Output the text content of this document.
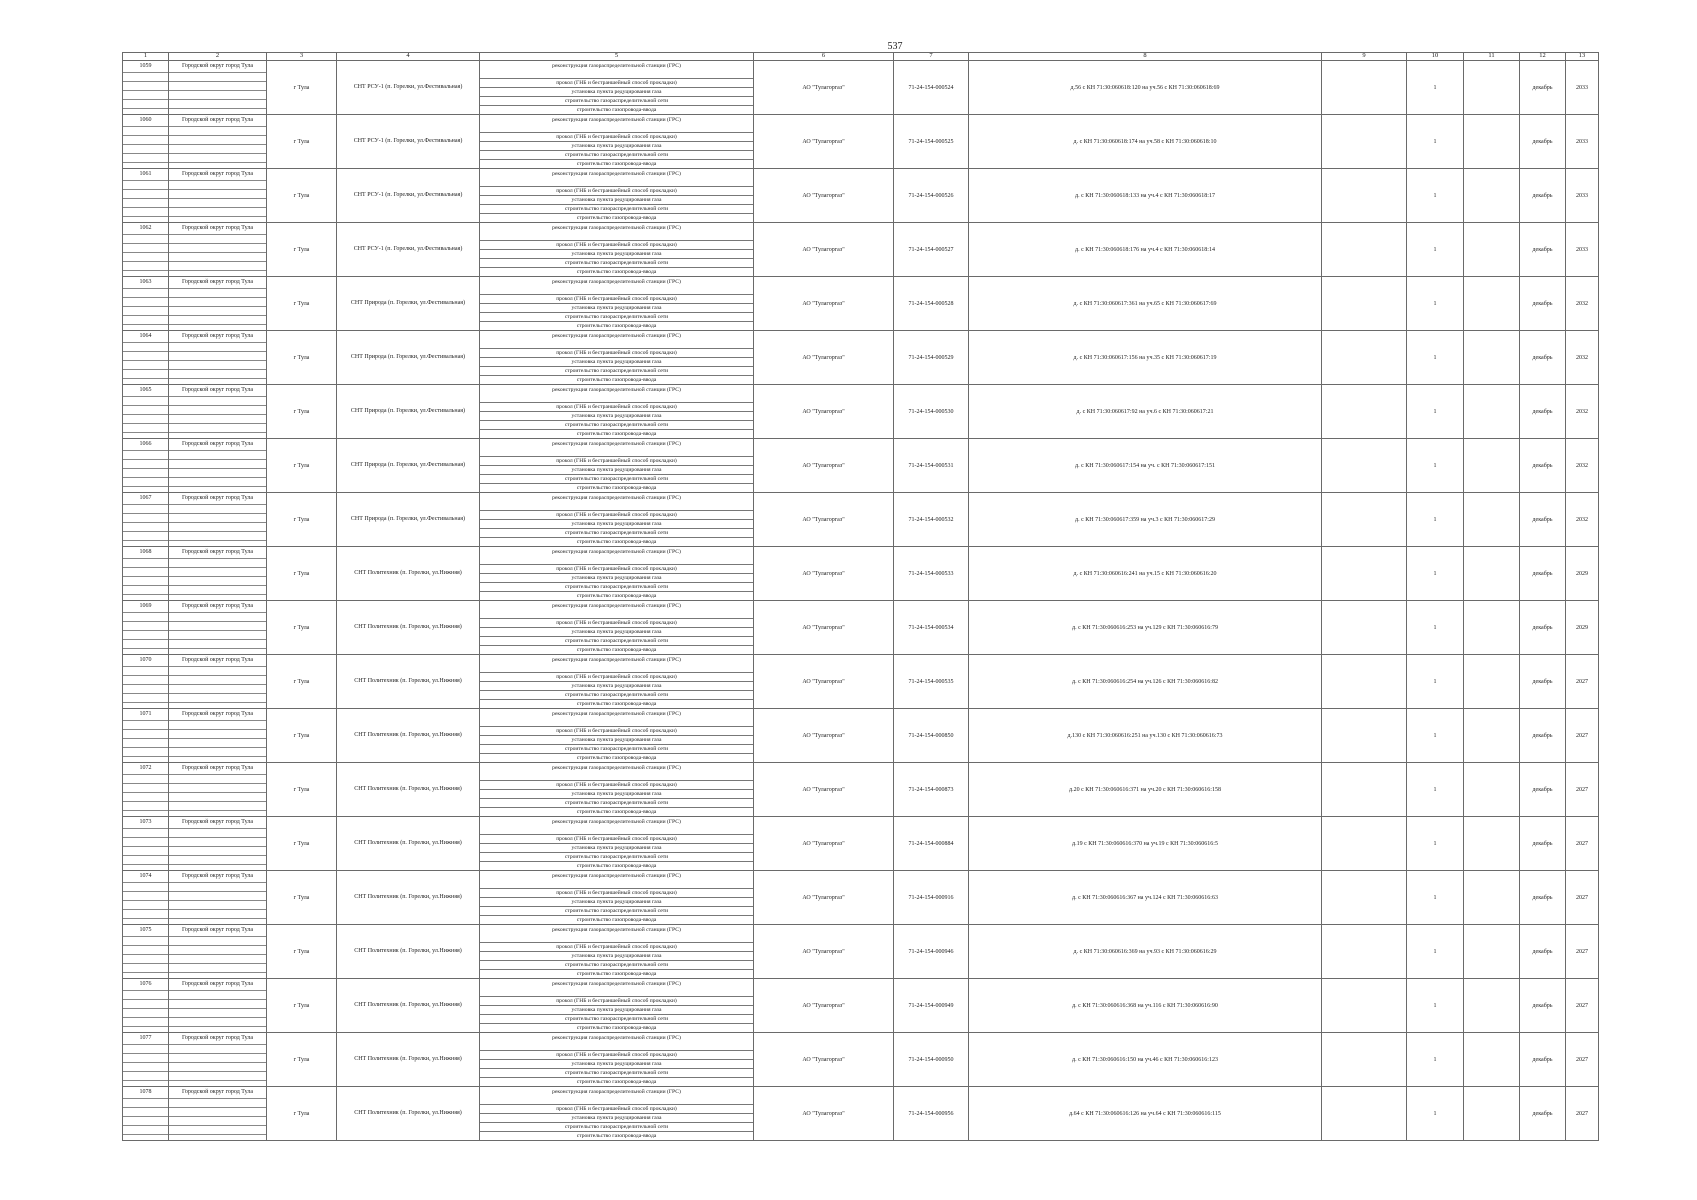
537
1	2	3	4	5	6	7	8	9	10	11	12	13

1059	Городской округ город Тула	г Тула	СНТ РСУ-1 (п. Горелки, ул.Фестивальная)	реконструкция газораспределительной станции (ГРС)
прокол (ГНБ и бестраншейный способ прокладки)
установка пункта редуцирования газа
строительство газораспределительной сети
строительство газопровода-ввода	АО "Тулагоргаз"	71-24-154-000524	д.56 с КН 71:30:060618:120 на уч.56 с КН 71:30:060618:69		1		декабрь	2033

1060	Городской округ город Тула	г Тула	СНТ РСУ-1 (п. Горелки, ул.Фестивальная)	реконструкция газораспределительной станции (ГРС)
прокол (ГНБ и бестраншейный способ прокладки)
установка пункта редуцирования газа
строительство газораспределительной сети
строительство газопровода-ввода	АО "Тулагоргаз"	71-24-154-000525	д. с КН 71:30:060618:174 на уч.58 с КН 71:30:060618:10		1		декабрь	2033

1061	Городской округ город Тула	г Тула	СНТ РСУ-1 (п. Горелки, ул.Фестивальная)	реконструкция газораспределительной станции (ГРС)
прокол (ГНБ и бестраншейный способ прокладки)
установка пункта редуцирования газа
строительство газораспределительной сети
строительство газопровода-ввода	АО "Тулагоргаз"	71-24-154-000526	д. с КН 71:30:060618:133 на уч.4 с КН 71:30:060618:17		1		декабрь	2033

1062	Городской округ город Тула	г Тула	СНТ РСУ-1 (п. Горелки, ул.Фестивальная)	реконструкция газораспределительной станции (ГРС)
прокол (ГНБ и бестраншейный способ прокладки)
установка пункта редуцирования газа
строительство газораспределительной сети
строительство газопровода-ввода	АО "Тулагоргаз"	71-24-154-000527	д. с КН 71:30:060618:176 на уч.4 с КН 71:30:060618:14		1		декабрь	2033

1063	Городской округ город Тула	г Тула	СНТ Природа (п. Горелки, ул.Фестивальная)	реконструкция газораспределительной станции (ГРС)
прокол (ГНБ и бестраншейный способ прокладки)
установка пункта редуцирования газа
строительство газораспределительной сети
строительство газопровода-ввода	АО "Тулагоргаз"	71-24-154-000528	д. с КН 71:30:060617:361 на уч.65 с КН 71:30:060617:69		1		декабрь	2032

1064	Городской округ город Тула	г Тула	СНТ Природа (п. Горелки, ул.Фестивальная)	реконструкция газораспределительной станции (ГРС)
прокол (ГНБ и бестраншейный способ прокладки)
установка пункта редуцирования газа
строительство газораспределительной сети
строительство газопровода-ввода	АО "Тулагоргаз"	71-24-154-000529	д. с КН 71:30:060617:156 на уч.35 с КН 71:30:060617:19		1		декабрь	2032

1065	Городской округ город Тула	г Тула	СНТ Природа (п. Горелки, ул.Фестивальная)	реконструкция газораспределительной станции (ГРС)
прокол (ГНБ и бестраншейный способ прокладки)
установка пункта редуцирования газа
строительство газораспределительной сети
строительство газопровода-ввода	АО "Тулагоргаз"	71-24-154-000530	д. с КН 71:30:060617:92 на уч.6 с КН 71:30:060617:21		1		декабрь	2032

1066	Городской округ город Тула	г Тула	СНТ Природа (п. Горелки, ул.Фестивальная)	реконструкция газораспределительной станции (ГРС)
прокол (ГНБ и бестраншейный способ прокладки)
установка пункта редуцирования газа
строительство газораспределительной сети
строительство газопровода-ввода	АО "Тулагоргаз"	71-24-154-000531	д. с КН 71:30:060617:154 на уч. с КН 71:30:060617:151		1		декабрь	2032

1067	Городской округ город Тула	г Тула	СНТ Природа (п. Горелки, ул.Фестивальная)	реконструкция газораспределительной станции (ГРС)
прокол (ГНБ и бестраншейный способ прокладки)
установка пункта редуцирования газа
строительство газораспределительной сети
строительство газопровода-ввода	АО "Тулагоргаз"	71-24-154-000532	д. с КН 71:30:060617:359 на уч.3 с КН 71:30:060617:29		1		декабрь	2032

1068	Городской округ город Тула	г Тула	СНТ Политехник (п. Горелки, ул.Нижняя)	реконструкция газораспределительной станции (ГРС)
прокол (ГНБ и бестраншейный способ прокладки)
установка пункта редуцирования газа
строительство газораспределительной сети
строительство газопровода-ввода	АО "Тулагоргаз"	71-24-154-000533	д. с КН 71:30:060616:241 на уч.15 с КН 71:30:060616:20		1		декабрь	2029

1069	Городской округ город Тула	г Тула	СНТ Политехник (п. Горелки, ул.Нижняя)	реконструкция газораспределительной станции (ГРС)
прокол (ГНБ и бестраншейный способ прокладки)
установка пункта редуцирования газа
строительство газораспределительной сети
строительство газопровода-ввода	АО "Тулагоргаз"	71-24-154-000534	д. с КН 71:30:060616:253 на уч.129 с КН 71:30:060616:79		1		декабрь	2029

1070	Городской округ город Тула	г Тула	СНТ Политехник (п. Горелки, ул.Нижняя)	реконструкция газораспределительной станции (ГРС)
прокол (ГНБ и бестраншейный способ прокладки)
установка пункта редуцирования газа
строительство газораспределительной сети
строительство газопровода-ввода	АО "Тулагоргаз"	71-24-154-000535	д. с КН 71:30:060616:254 на уч.126 с КН 71:30:060616:82		1		декабрь	2027

1071	Городской округ город Тула	г Тула	СНТ Политехник (п. Горелки, ул.Нижняя)	реконструкция газораспределительной станции (ГРС)
прокол (ГНБ и бестраншейный способ прокладки)
установка пункта редуцирования газа
строительство газораспределительной сети
строительство газопровода-ввода	АО "Тулагоргаз"	71-24-154-000850	д.130 с КН 71:30:060616:251 на уч.130 с КН 71:30:060616:73		1		декабрь	2027

1072	Городской округ город Тула	г Тула	СНТ Политехник (п. Горелки, ул.Нижняя)	реконструкция газораспределительной станции (ГРС)
прокол (ГНБ и бестраншейный способ прокладки)
установка пункта редуцирования газа
строительство газораспределительной сети
строительство газопровода-ввода	АО "Тулагоргаз"	71-24-154-000873	д.20 с КН 71:30:060616:371 на уч.20 с КН 71:30:060616:158		1		декабрь	2027

1073	Городской округ город Тула	г Тула	СНТ Политехник (п. Горелки, ул.Нижняя)	реконструкция газораспределительной станции (ГРС)
прокол (ГНБ и бестраншейный способ прокладки)
установка пункта редуцирования газа
строительство газораспределительной сети
строительство газопровода-ввода	АО "Тулагоргаз"	71-24-154-000884	д.19 с КН 71:30:060616:370 на уч.19 с КН 71:30:060616:5		1		декабрь	2027

1074	Городской округ город Тула	г Тула	СНТ Политехник (п. Горелки, ул.Нижняя)	реконструкция газораспределительной станции (ГРС)
прокол (ГНБ и бестраншейный способ прокладки)
установка пункта редуцирования газа
строительство газораспределительной сети
строительство газопровода-ввода	АО "Тулагоргаз"	71-24-154-000916	д. с КН 71:30:060616:367 на уч.124 с КН 71:30:060616:63		1		декабрь	2027

1075	Городской округ город Тула	г Тула	СНТ Политехник (п. Горелки, ул.Нижняя)	реконструкция газораспределительной станции (ГРС)
прокол (ГНБ и бестраншейный способ прокладки)
установка пункта редуцирования газа
строительство газораспределительной сети
строительство газопровода-ввода	АО "Тулагоргаз"	71-24-154-000946	д. с КН 71:30:060616:369 на уч.93 с КН 71:30:060616:29		1		декабрь	2027

1076	Городской округ город Тула	г Тула	СНТ Политехник (п. Горелки, ул.Нижняя)	реконструкция газораспределительной станции (ГРС)
прокол (ГНБ и бестраншейный способ прокладки)
установка пункта редуцирования газа
строительство газораспределительной сети
строительство газопровода-ввода	АО "Тулагоргаз"	71-24-154-000949	д. с КН 71:30:060616:368 на уч.116 с КН 71:30:060616:90		1		декабрь	2027

1077	Городской округ город Тула	г Тула	СНТ Политехник (п. Горелки, ул.Нижняя)	реконструкция газораспределительной станции (ГРС)
прокол (ГНБ и бестраншейный способ прокладки)
установка пункта редуцирования газа
строительство газораспределительной сети
строительство газопровода-ввода	АО "Тулагоргаз"	71-24-154-000950	д. с КН 71:30:060616:150 на уч.46 с КН 71:30:060616:123		1		декабрь	2027

1078	Городской округ город Тула	г Тула	СНТ Политехник (п. Горелки, ул.Нижняя)	реконструкция газораспределительной станции (ГРС)
прокол (ГНБ и бестраншейный способ прокладки)
установка пункта редуцирования газа
строительство газораспределительной сети
строительство газопровода-ввода	АО "Тулагоргаз"	71-24-154-000956	д.64 с КН 71:30:060616:126 на уч.64 с КН 71:30:060616:115		1		декабрь	2027
